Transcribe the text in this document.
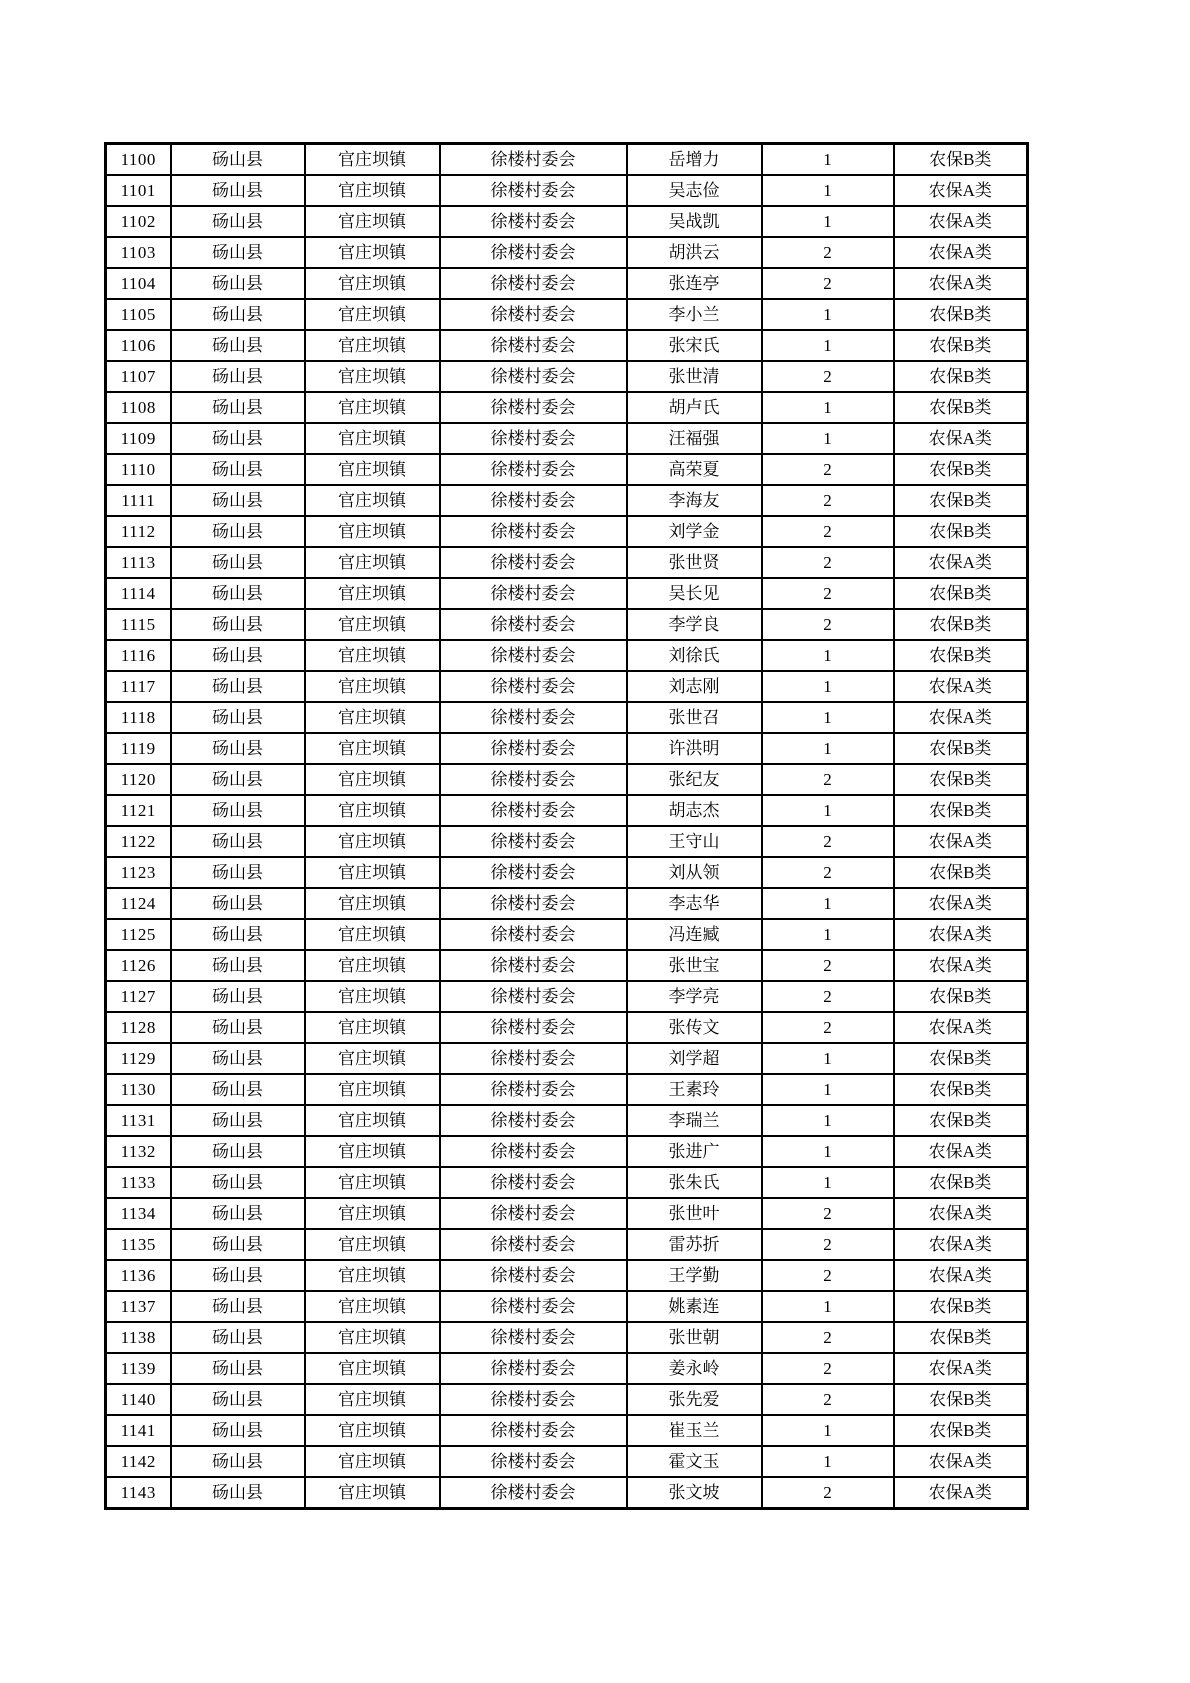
1100	砀山县	官庄坝镇	徐楼村委会	岳增力	1	农保B类
1101	砀山县	官庄坝镇	徐楼村委会	吴志俭	1	农保A类
1102	砀山县	官庄坝镇	徐楼村委会	吴战凯	1	农保A类
1103	砀山县	官庄坝镇	徐楼村委会	胡洪云	2	农保A类
1104	砀山县	官庄坝镇	徐楼村委会	张连亭	2	农保A类
1105	砀山县	官庄坝镇	徐楼村委会	李小兰	1	农保B类
1106	砀山县	官庄坝镇	徐楼村委会	张宋氏	1	农保B类
1107	砀山县	官庄坝镇	徐楼村委会	张世清	2	农保B类
1108	砀山县	官庄坝镇	徐楼村委会	胡卢氏	1	农保B类
1109	砀山县	官庄坝镇	徐楼村委会	汪福强	1	农保A类
1110	砀山县	官庄坝镇	徐楼村委会	高荣夏	2	农保B类
1111	砀山县	官庄坝镇	徐楼村委会	李海友	2	农保B类
1112	砀山县	官庄坝镇	徐楼村委会	刘学金	2	农保B类
1113	砀山县	官庄坝镇	徐楼村委会	张世贤	2	农保A类
1114	砀山县	官庄坝镇	徐楼村委会	吴长见	2	农保B类
1115	砀山县	官庄坝镇	徐楼村委会	李学良	2	农保B类
1116	砀山县	官庄坝镇	徐楼村委会	刘徐氏	1	农保B类
1117	砀山县	官庄坝镇	徐楼村委会	刘志刚	1	农保A类
1118	砀山县	官庄坝镇	徐楼村委会	张世召	1	农保A类
1119	砀山县	官庄坝镇	徐楼村委会	许洪明	1	农保B类
1120	砀山县	官庄坝镇	徐楼村委会	张纪友	2	农保B类
1121	砀山县	官庄坝镇	徐楼村委会	胡志杰	1	农保B类
1122	砀山县	官庄坝镇	徐楼村委会	王守山	2	农保A类
1123	砀山县	官庄坝镇	徐楼村委会	刘从领	2	农保B类
1124	砀山县	官庄坝镇	徐楼村委会	李志华	1	农保A类
1125	砀山县	官庄坝镇	徐楼村委会	冯连臧	1	农保A类
1126	砀山县	官庄坝镇	徐楼村委会	张世宝	2	农保A类
1127	砀山县	官庄坝镇	徐楼村委会	李学亮	2	农保B类
1128	砀山县	官庄坝镇	徐楼村委会	张传文	2	农保A类
1129	砀山县	官庄坝镇	徐楼村委会	刘学超	1	农保B类
1130	砀山县	官庄坝镇	徐楼村委会	王素玲	1	农保B类
1131	砀山县	官庄坝镇	徐楼村委会	李瑞兰	1	农保B类
1132	砀山县	官庄坝镇	徐楼村委会	张进广	1	农保A类
1133	砀山县	官庄坝镇	徐楼村委会	张朱氏	1	农保B类
1134	砀山县	官庄坝镇	徐楼村委会	张世叶	2	农保A类
1135	砀山县	官庄坝镇	徐楼村委会	雷苏折	2	农保A类
1136	砀山县	官庄坝镇	徐楼村委会	王学勤	2	农保A类
1137	砀山县	官庄坝镇	徐楼村委会	姚素连	1	农保B类
1138	砀山县	官庄坝镇	徐楼村委会	张世朝	2	农保B类
1139	砀山县	官庄坝镇	徐楼村委会	姜永岭	2	农保A类
1140	砀山县	官庄坝镇	徐楼村委会	张先爱	2	农保B类
1141	砀山县	官庄坝镇	徐楼村委会	崔玉兰	1	农保B类
1142	砀山县	官庄坝镇	徐楼村委会	霍文玉	1	农保A类
1143	砀山县	官庄坝镇	徐楼村委会	张文坡	2	农保A类
